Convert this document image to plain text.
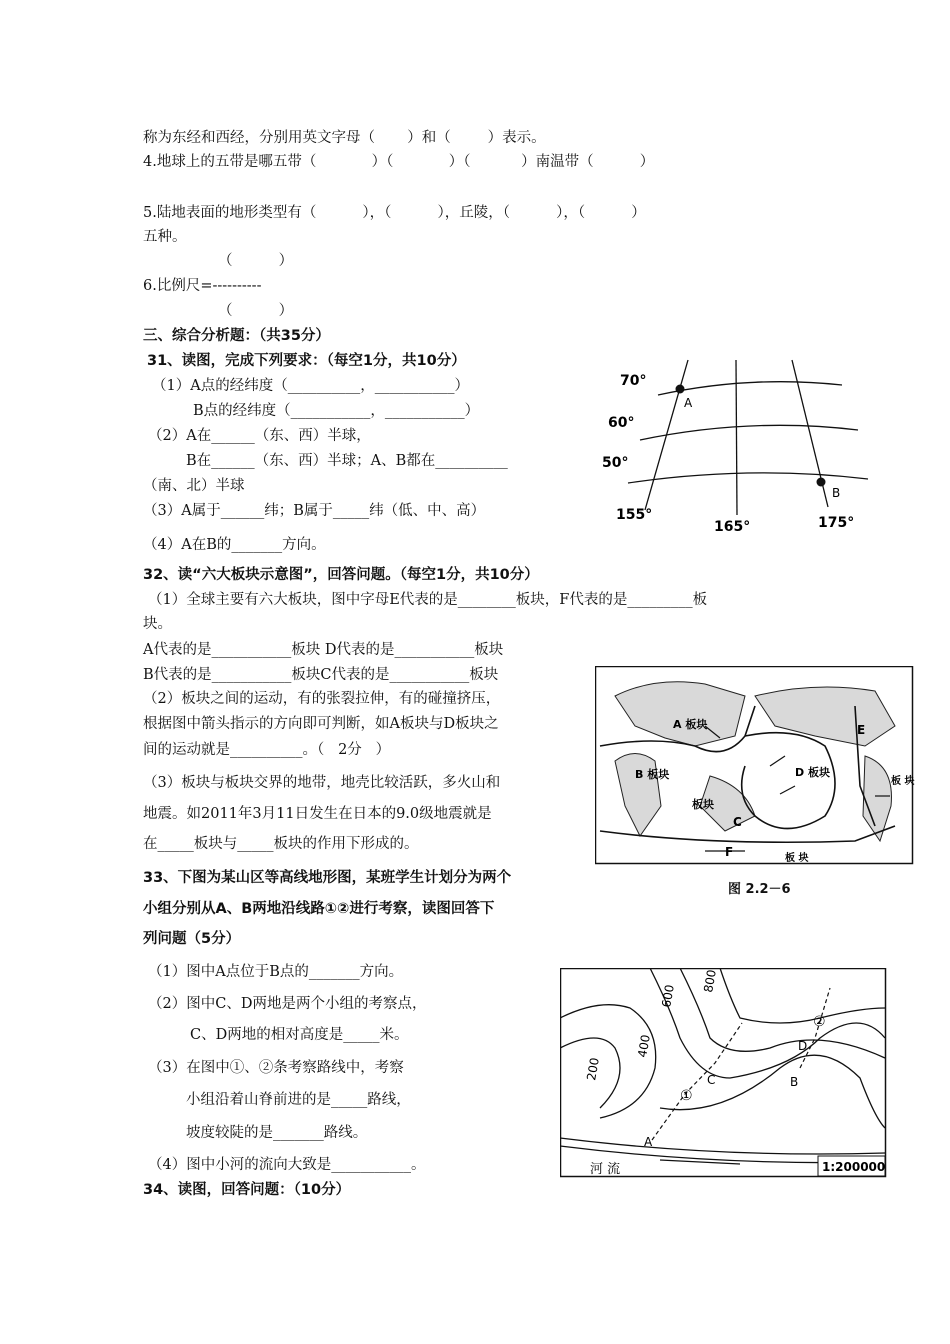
称为东经和西经，分别用英文字母（       ）和（        ）表示。
4.地球上的五带是哪五带（            ）（            ）（           ）南温带（          ）
5.陆地表面的地形类型有（          ），（          ），丘陵，（          ），（          ）
五种。
（          ）
6.比例尺=----------
（          ）
三、综合分析题：（共35分）
31、读图，完成下列要求：（每空1分，共10分）
（1）A点的经纬度（__________，___________）
B点的经纬度（___________，___________）
（2）A在______（东、西）半球，
B在______（东、西）半球；A、B都在__________
（南、北）半球
（3）A属于______纬；B属于_____纬（低、中、高）
（4）A在B的_______方向。
32、读“六大板块示意图”，回答问题。（每空1分，共10分）
（1）全球主要有六大板块，图中字母E代表的是________板块，F代表的是_________板
块。
A代表的是___________板块 D代表的是___________板块
B代表的是___________板块C代表的是___________板块
（2）板块之间的运动，有的张裂拉伸，有的碰撞挤压，
根据图中箭头指示的方向即可判断，如A板块与D板块之
间的运动就是__________。（   2分   ）
（3）板块与板块交界的地带，地壳比较活跃，多火山和
地震。如2011年3月11日发生在日本的9.0级地震就是
在_____板块与_____板块的作用下形成的。
33、下图为某山区等高线地形图，某班学生计划分为两个
小组分别从A、B两地沿线路①②进行考察，读图回答下
列问题（5分）
（1）图中A点位于B点的_______方向。
（2）图中C、D两地是两个小组的考察点，
C、D两地的相对高度是_____米。
（3）在图中①、②条考察路线中，考察
小组沿着山脊前进的是_____路线，
坡度较陡的是_______路线。
（4）图中小河的流向大致是___________。
34、读图，回答问题：（10分）
A
B
70°
60°
50°
155°
165°	175°
A 板块
B 板块
板块
C
D 板块
E
板 块
F	板 块
图 2.2－6
200
400
600
800
A
B
C
D
①
②
河 流	1:200000
